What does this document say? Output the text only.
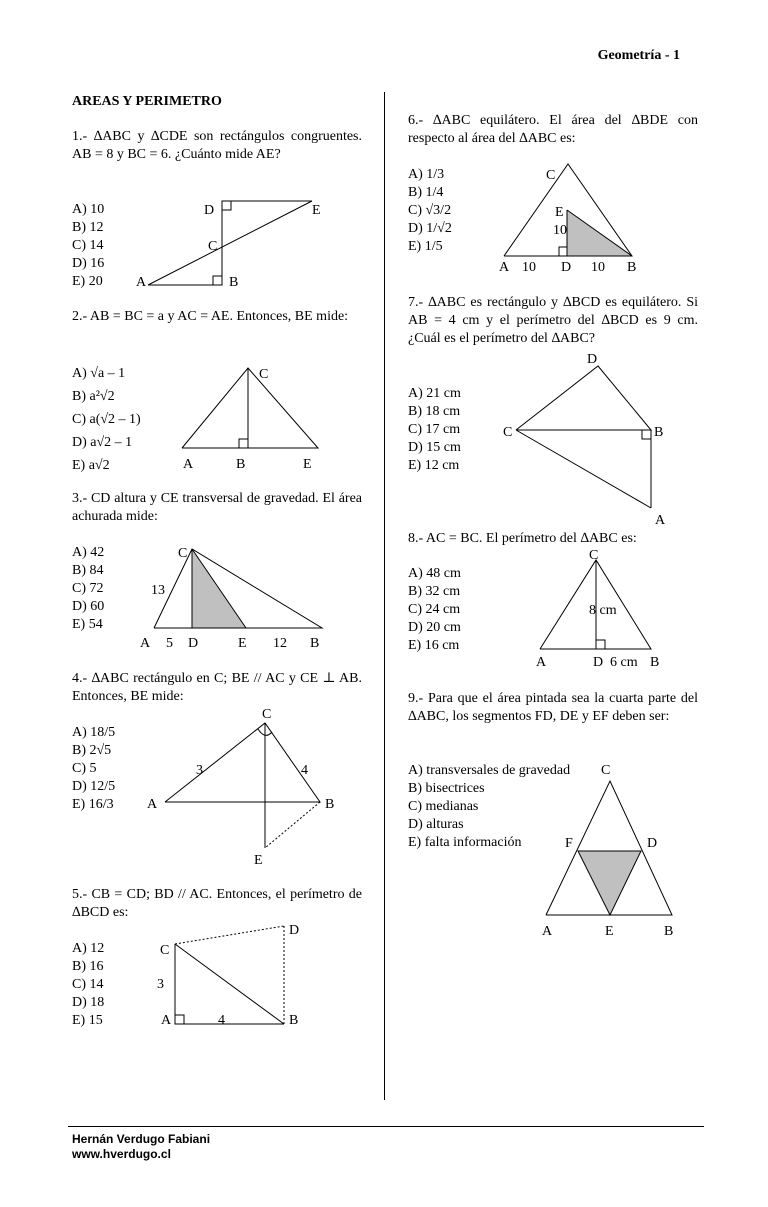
Geometría - 1
AREAS Y PERIMETRO
Hernán Verdugo Fabiani
www.hverdugo.cl
1.- ∆ABC y ∆CDE son rectángulos congruentes. AB = 8 y BC = 6. ¿Cuánto mide AE?
A) 10
B) 12
C) 14
D) 16
E) 20
D	E
C
A	B
2.- AB = BC = a y AC = AE. Entonces, BE mide:
A) √a – 1
B) a²√2
C) a(√2 – 1)
D) a√2 – 1
E) a√2
C
A	B	E
3.- CD altura y CE transversal de gravedad. El área achurada mide:
A) 42
B) 84
C) 72
D) 60
E) 54
C
13
A 5 D	E 12 B
4.- ∆ABC rectángulo en C; BE // AC y CE ⊥ AB. Entonces, BE mide:
A) 18/5
B) 2√5
C) 5
D) 12/5
E) 16/3
C
3	4
A	B
E
5.- CB = CD; BD // AC. Entonces, el perímetro de ∆BCD es:
A) 12
B) 16
C) 14
D) 18
E) 15
C
D
3
A	4	B
6.- ∆ABC equilátero. El área del ∆BDE con respecto al área del ∆ABC es:
A) 1/3
B) 1/4
C) √3/2
D) 1/√2
E) 1/5
C
E
10
A 10 D 10 B
7.- ∆ABC es rectángulo y ∆BCD es equilátero. Si AB = 4 cm y el perímetro del ∆BCD es 9 cm. ¿Cuál es el perímetro del ∆ABC?
A) 21 cm
B) 18 cm
C) 17 cm
D) 15 cm
E) 12 cm
D
C	B
A
8.- AC = BC. El perímetro del ∆ABC es:
A) 48 cm
B) 32 cm
C) 24 cm
D) 20 cm
E) 16 cm
C
8 cm
A	D 6 cm B
9.- Para que el área pintada sea la cuarta parte del ∆ABC, los segmentos FD, DE y EF deben ser:
A) transversales de gravedad
B) bisectrices
C) medianas
D) alturas
E) falta información
C
F	D
A	E	B
